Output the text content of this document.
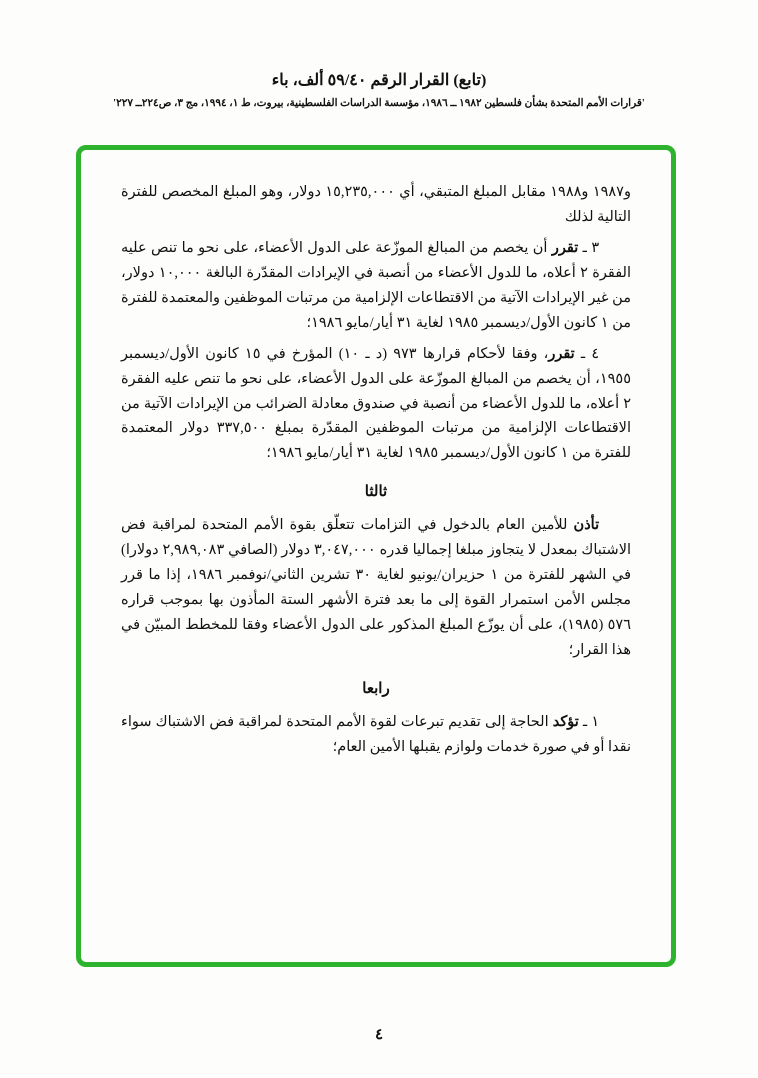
(تابع) القرار الرقم ٥٩/٤٠ ألف، باء
'قرارات الأمم المتحدة بشأن فلسطين ١٩٨٢ ــ ١٩٨٦، مؤسسة الدراسات الفلسطينية، بيروت، ط ١، ١٩٩٤، مج ٣، ص٢٢٤ــ ٢٢٧'

و١٩٨٧ و١٩٨٨ مقابل المبلغ المتبقي، أي ١٥,٢٣٥,٠٠٠ دولار، وهو المبلغ المخصص للفترة التالية لذلك

٣ ـ تقرر أن يخصم من المبالغ الموزّعة على الدول الأعضاء، على نحو ما تنص عليه الفقرة ٢ أعلاه، ما للدول الأعضاء من أنصبة في الإيرادات المقدّرة البالغة ١٠,٠٠٠ دولار، من غير الإيرادات الآتية من الاقتطاعات الإلزامية من مرتبات الموظفين والمعتمدة للفترة من ١ كانون الأول/ديسمبر ١٩٨٥ لغاية ٣١ أيار/مايو ١٩٨٦؛

٤ ـ تقرر، وفقا لأحكام قرارها ٩٧٣ (د ـ ١٠) المؤرخ في ١٥ كانون الأول/ديسمبر ١٩٥٥، أن يخصم من المبالغ الموزّعة على الدول الأعضاء، على نحو ما تنص عليه الفقرة ٢ أعلاه، ما للدول الأعضاء من أنصبة في صندوق معادلة الضرائب من الإيرادات الآتية من الاقتطاعات الإلزامية من مرتبات الموظفين المقدّرة بمبلغ ٣٣٧,٥٠٠ دولار المعتمدة للفترة من ١ كانون الأول/ديسمبر ١٩٨٥ لغاية ٣١ أيار/مايو ١٩٨٦؛

ثالثا

تأذن للأمين العام بالدخول في التزامات تتعلّق بقوة الأمم المتحدة لمراقبة فض الاشتباك بمعدل لا يتجاوز مبلغا إجماليا قدره ٣,٠٤٧,٠٠٠ دولار (الصافي ٢,٩٨٩,٠٨٣ دولارا) في الشهر للفترة من ١ حزيران/يونيو لغاية ٣٠ تشرين الثاني/نوفمبر ١٩٨٦، إذا ما قرر مجلس الأمن استمرار القوة إلى ما بعد فترة الأشهر الستة المأذون بها بموجب قراره ٥٧٦ (١٩٨٥)، على أن يوزّع المبلغ المذكور على الدول الأعضاء وفقا للمخطط المبيّن في هذا القرار؛

رابعا

١ ـ تؤكد الحاجة إلى تقديم تبرعات لقوة الأمم المتحدة لمراقبة فض الاشتباك سواء نقدا أو في صورة خدمات ولوازم يقبلها الأمين العام؛

٤
